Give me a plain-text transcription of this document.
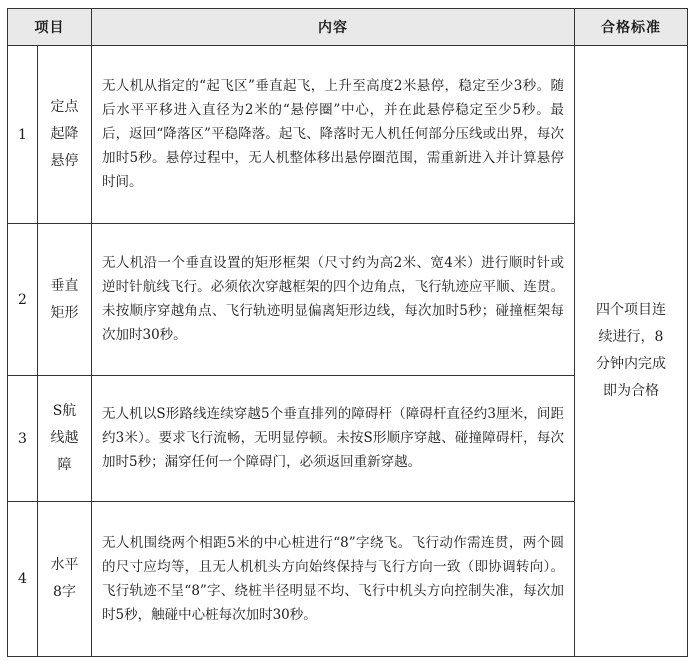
项目		内容	合格标准
1	定点起降悬停	无人机从指定的“起飞区”垂直起飞，上升至高度2米悬停，稳定至少3秒。随后水平平移进入直径为2米的“悬停圈”中心，并在此悬停稳定至少5秒。最后，返回“降落区”平稳降落。起飞、降落时无人机任何部分压线或出界，每次加时5秒。悬停过程中，无人机整体移出悬停圈范围，需重新进入并计算悬停时间。	四个项目连续进行，8分钟内完成即为合格
2	垂直矩形	无人机沿一个垂直设置的矩形框架（尺寸约为高2米、宽4米）进行顺时针或逆时针航线飞行。必须依次穿越框架的四个边角点，飞行轨迹应平顺、连贯。未按顺序穿越角点、飞行轨迹明显偏离矩形边线，每次加时5秒；碰撞框架每次加时30秒。	
3	S航线越障	无人机以S形路线连续穿越5个垂直排列的障碍杆（障碍杆直径约3厘米，间距约3米）。要求飞行流畅，无明显停顿。未按S形顺序穿越、碰撞障碍杆，每次加时5秒；漏穿任何一个障碍门，必须返回重新穿越。	
4	水平8字	无人机围绕两个相距5米的中心桩进行“8”字绕飞。飞行动作需连贯，两个圆的尺寸应均等，且无人机机头方向始终保持与飞行方向一致（即协调转向）。飞行轨迹不呈“8”字、绕桩半径明显不均、飞行中机头方向控制失准，每次加时5秒，触碰中心桩每次加时30秒。	
